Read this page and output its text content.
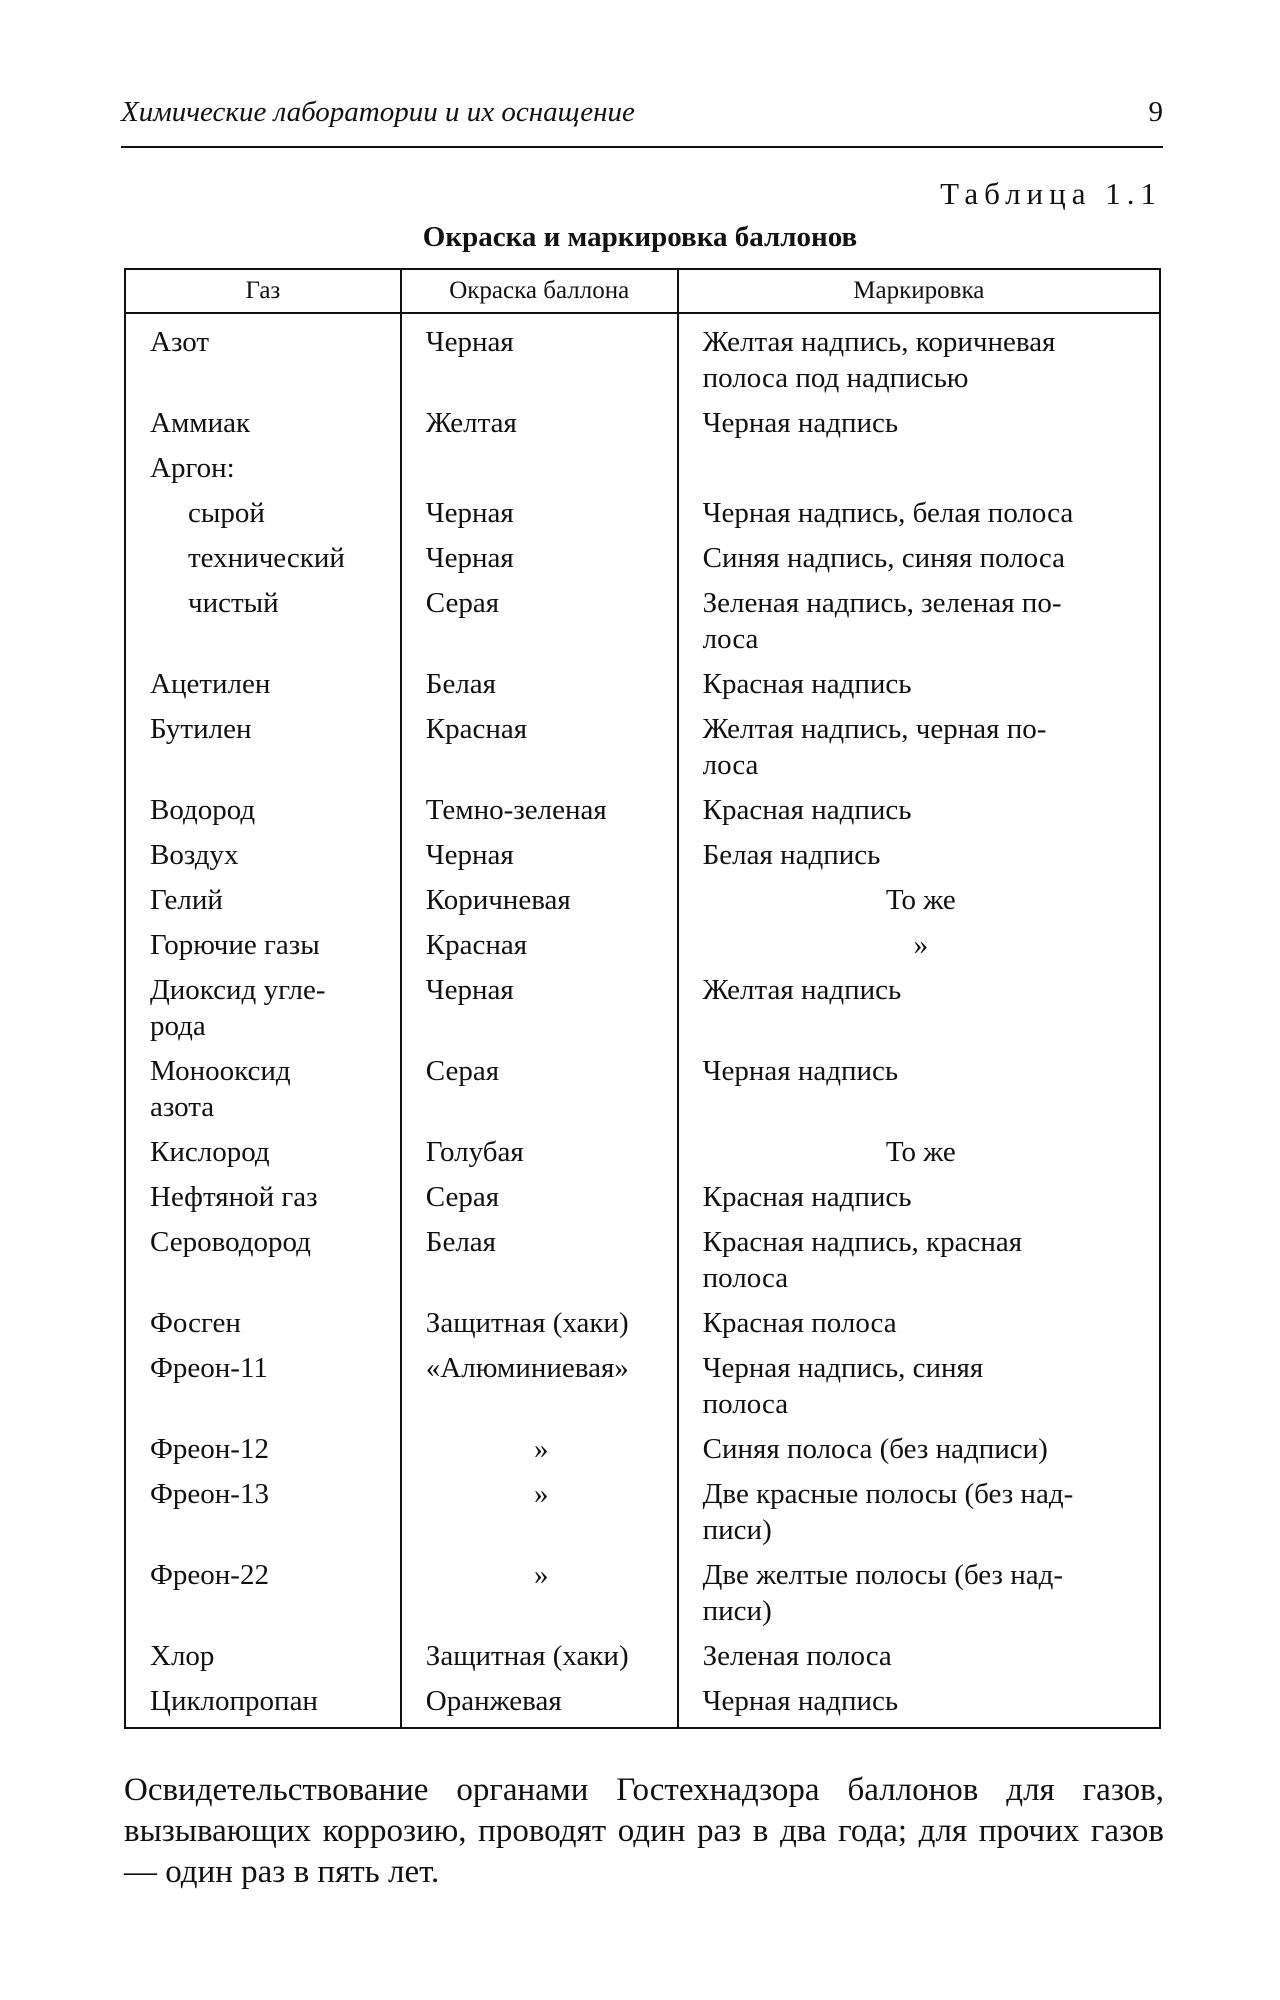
Химические лаборатории и их оснащение	9
Таблица 1.1
Окраска и маркировка баллонов
Газ	Окраска баллона	Маркировка
Азот	Черная	Желтая надпись, коричневая полоса под надписью
Аммиак	Желтая	Черная надпись
Аргон:		
сырой	Черная	Черная надпись, белая полоса
технический	Черная	Синяя надпись, синяя полоса
чистый	Серая	Зеленая надпись, зеленая по-
лоса
Ацетилен	Белая	Красная надпись
Бутилен	Красная	Желтая надпись, черная по-
лоса
Водород	Темно-зеленая	Красная надпись
Воздух	Черная	Белая надпись
Гелий	Коричневая	То же
Горючие газы	Красная	»
Диоксид угле-
рода	Черная	Желтая надпись
Монооксид
азота	Серая	Черная надпись
Кислород	Голубая	То же
Нефтяной газ	Серая	Красная надпись
Сероводород	Белая	Красная надпись, красная
полоса
Фосген	Защитная (хаки)	Красная полоса
Фреон-11	«Алюминиевая»	Черная надпись, синяя
полоса
Фреон-12	»	Синяя полоса (без надписи)
Фреон-13	»	Две красные полосы (без над-
писи)
Фреон-22	»	Две желтые полосы (без над-
писи)
Хлор	Защитная (хаки)	Зеленая полоса
Циклопропан	Оранжевая	Черная надпись
Освидетельствование органами Гостехнадзора баллонов для газов, вызывающих коррозию, проводят один раз в два года; для прочих газов — один раз в пять лет.
